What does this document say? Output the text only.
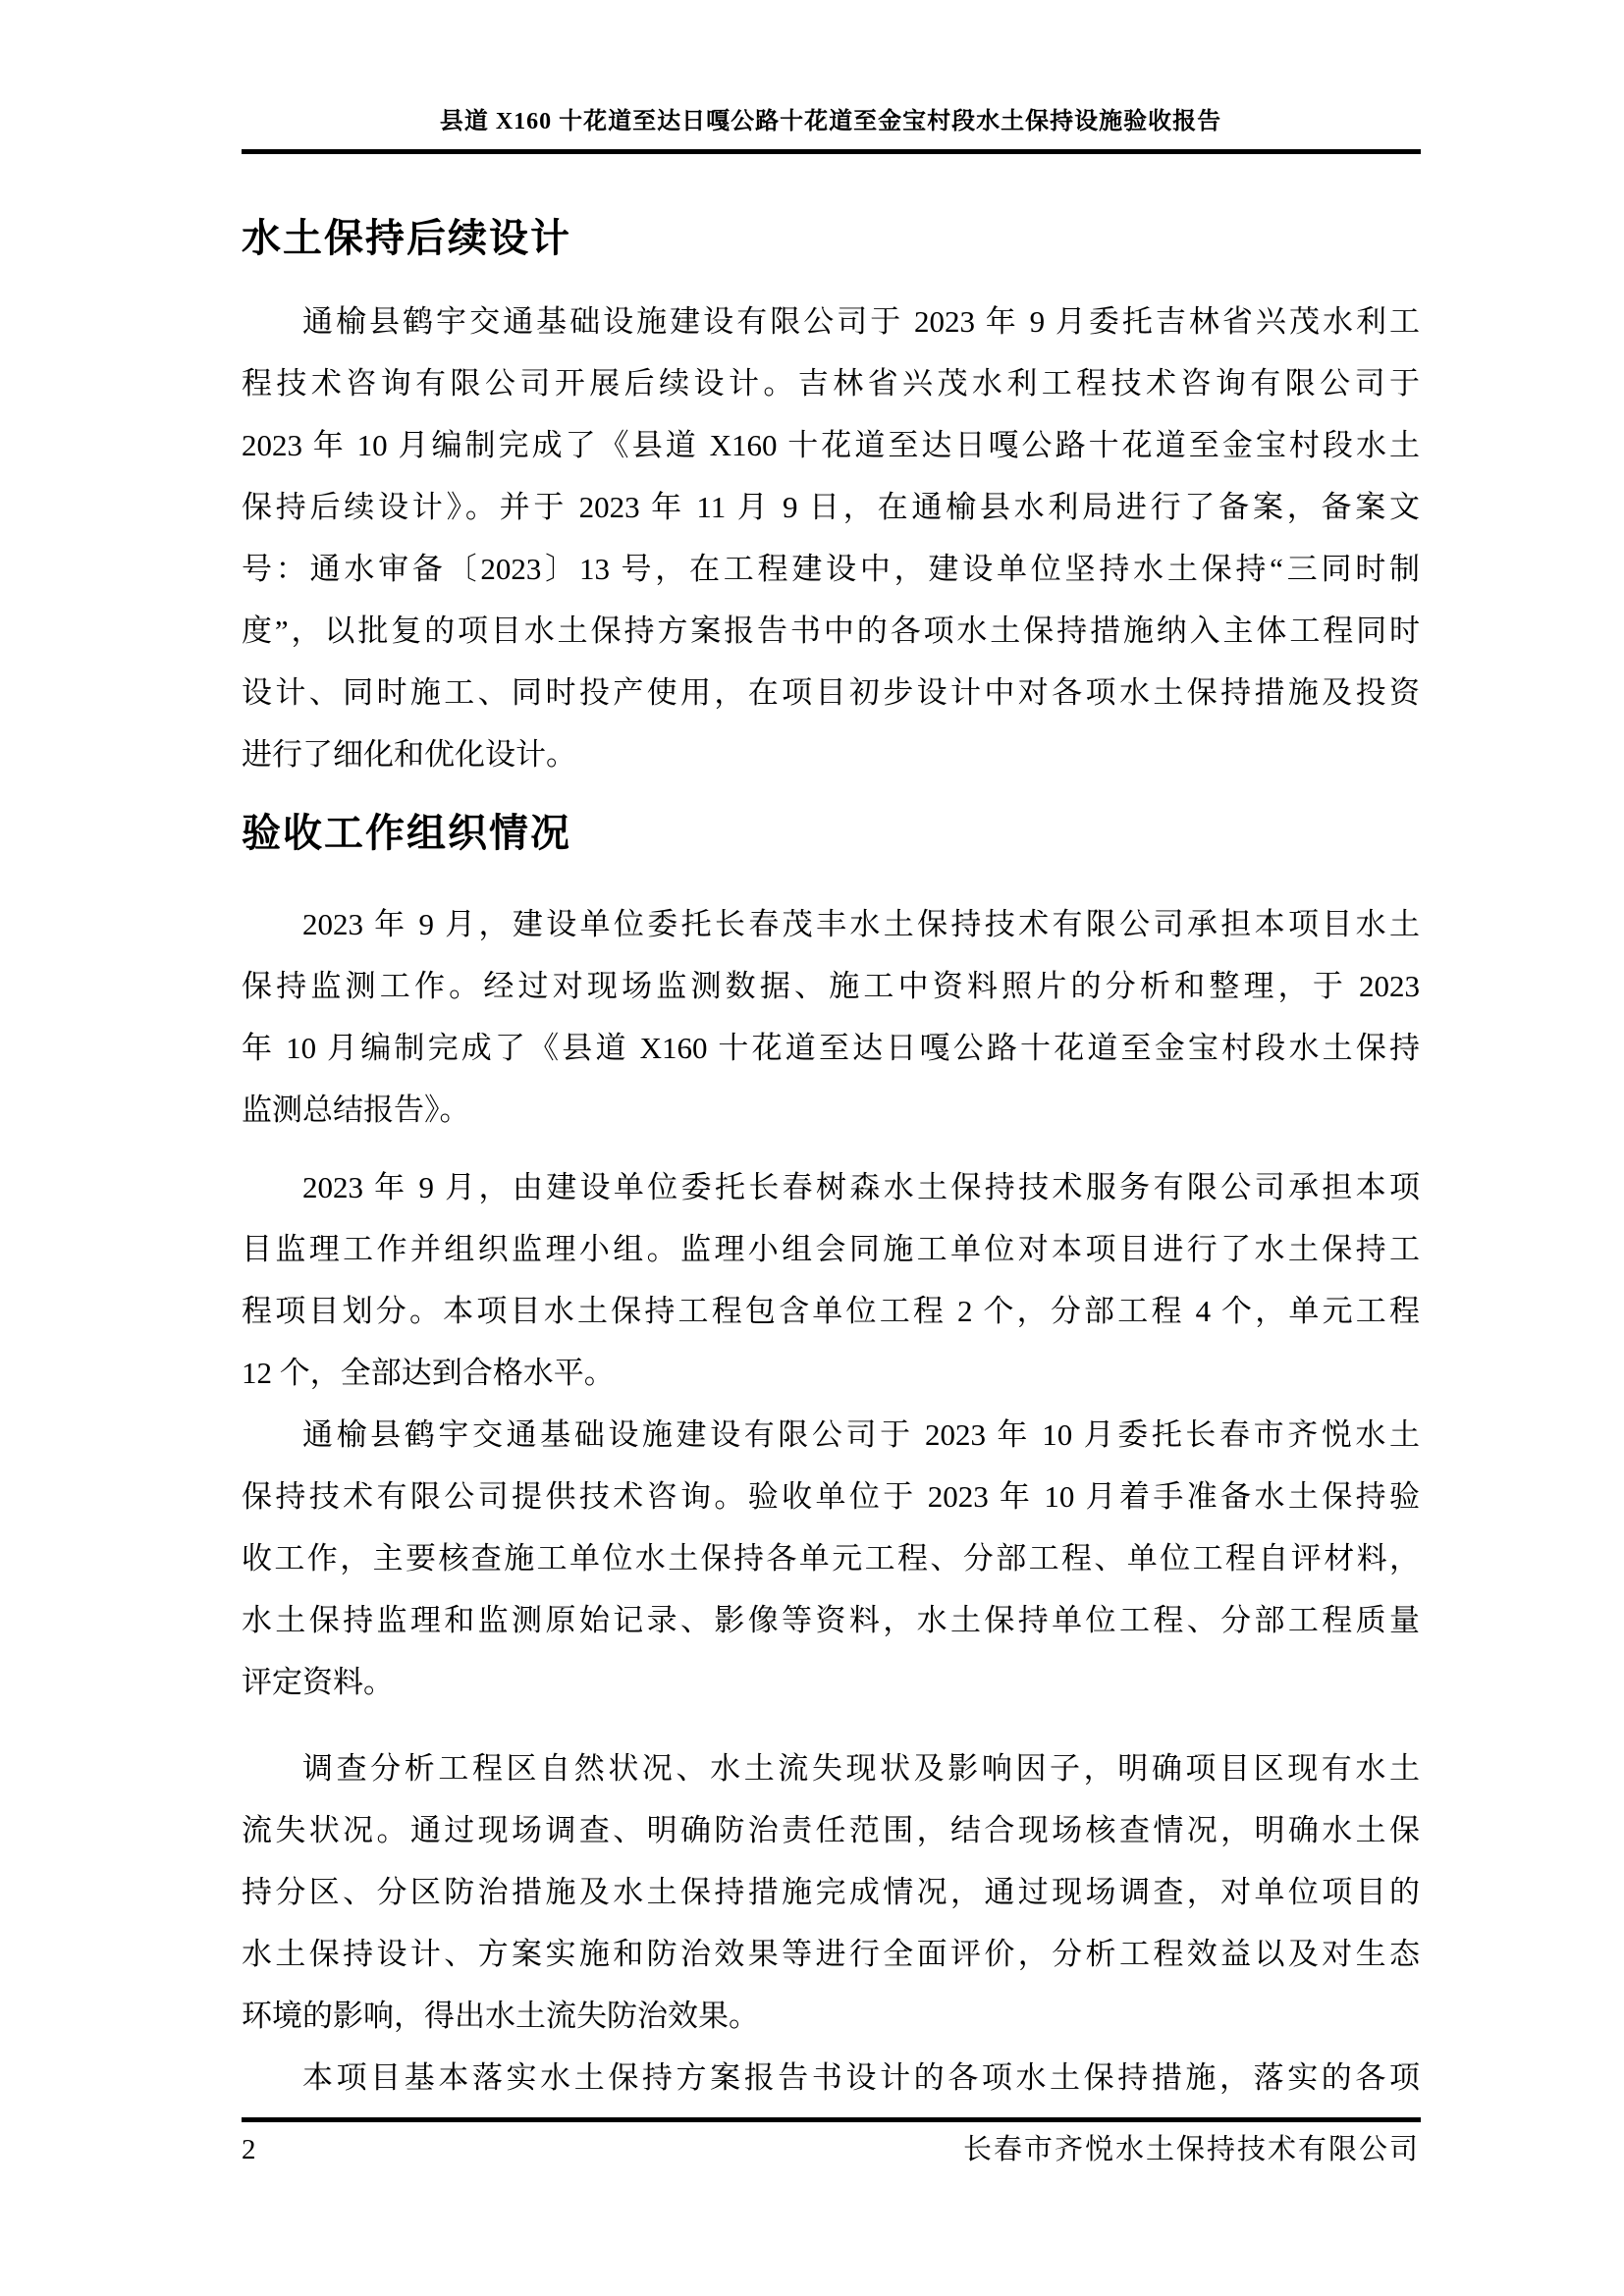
县道 X160 十花道至达日嘎公路十花道至金宝村段水土保持设施验收报告
水土保持后续设计
通榆县鹤宇交通基础设施建设有限公司于 2023 年 9 月委托吉林省兴茂水利工
程技术咨询有限公司开展后续设计。吉林省兴茂水利工程技术咨询有限公司于
2023 年 10 月编制完成了《县道 X160 十花道至达日嘎公路十花道至金宝村段水土
保持后续设计》。并于 2023 年 11 月 9 日，在通榆县水利局进行了备案，备案文
号：通水审备〔2023〕13 号，在工程建设中，建设单位坚持水土保持“三同时制
度”，以批复的项目水土保持方案报告书中的各项水土保持措施纳入主体工程同时
设计、同时施工、同时投产使用，在项目初步设计中对各项水土保持措施及投资
进行了细化和优化设计。
验收工作组织情况
2023 年 9 月，建设单位委托长春茂丰水土保持技术有限公司承担本项目水土
保持监测工作。经过对现场监测数据、施工中资料照片的分析和整理，于 2023
年 10 月编制完成了《县道 X160 十花道至达日嘎公路十花道至金宝村段水土保持
监测总结报告》。
2023 年 9 月，由建设单位委托长春树森水土保持技术服务有限公司承担本项
目监理工作并组织监理小组。监理小组会同施工单位对本项目进行了水土保持工
程项目划分。本项目水土保持工程包含单位工程 2 个，分部工程 4 个，单元工程
12 个，全部达到合格水平。
通榆县鹤宇交通基础设施建设有限公司于 2023 年 10 月委托长春市齐悦水土
保持技术有限公司提供技术咨询。验收单位于 2023 年 10 月着手准备水土保持验
收工作，主要核查施工单位水土保持各单元工程、分部工程、单位工程自评材料，
水土保持监理和监测原始记录、影像等资料，水土保持单位工程、分部工程质量
评定资料。
调查分析工程区自然状况、水土流失现状及影响因子，明确项目区现有水土
流失状况。通过现场调查、明确防治责任范围，结合现场核查情况，明确水土保
持分区、分区防治措施及水土保持措施完成情况，通过现场调查，对单位项目的
水土保持设计、方案实施和防治效果等进行全面评价，分析工程效益以及对生态
环境的影响，得出水土流失防治效果。
本项目基本落实水土保持方案报告书设计的各项水土保持措施，落实的各项
2	长春市齐悦水土保持技术有限公司
